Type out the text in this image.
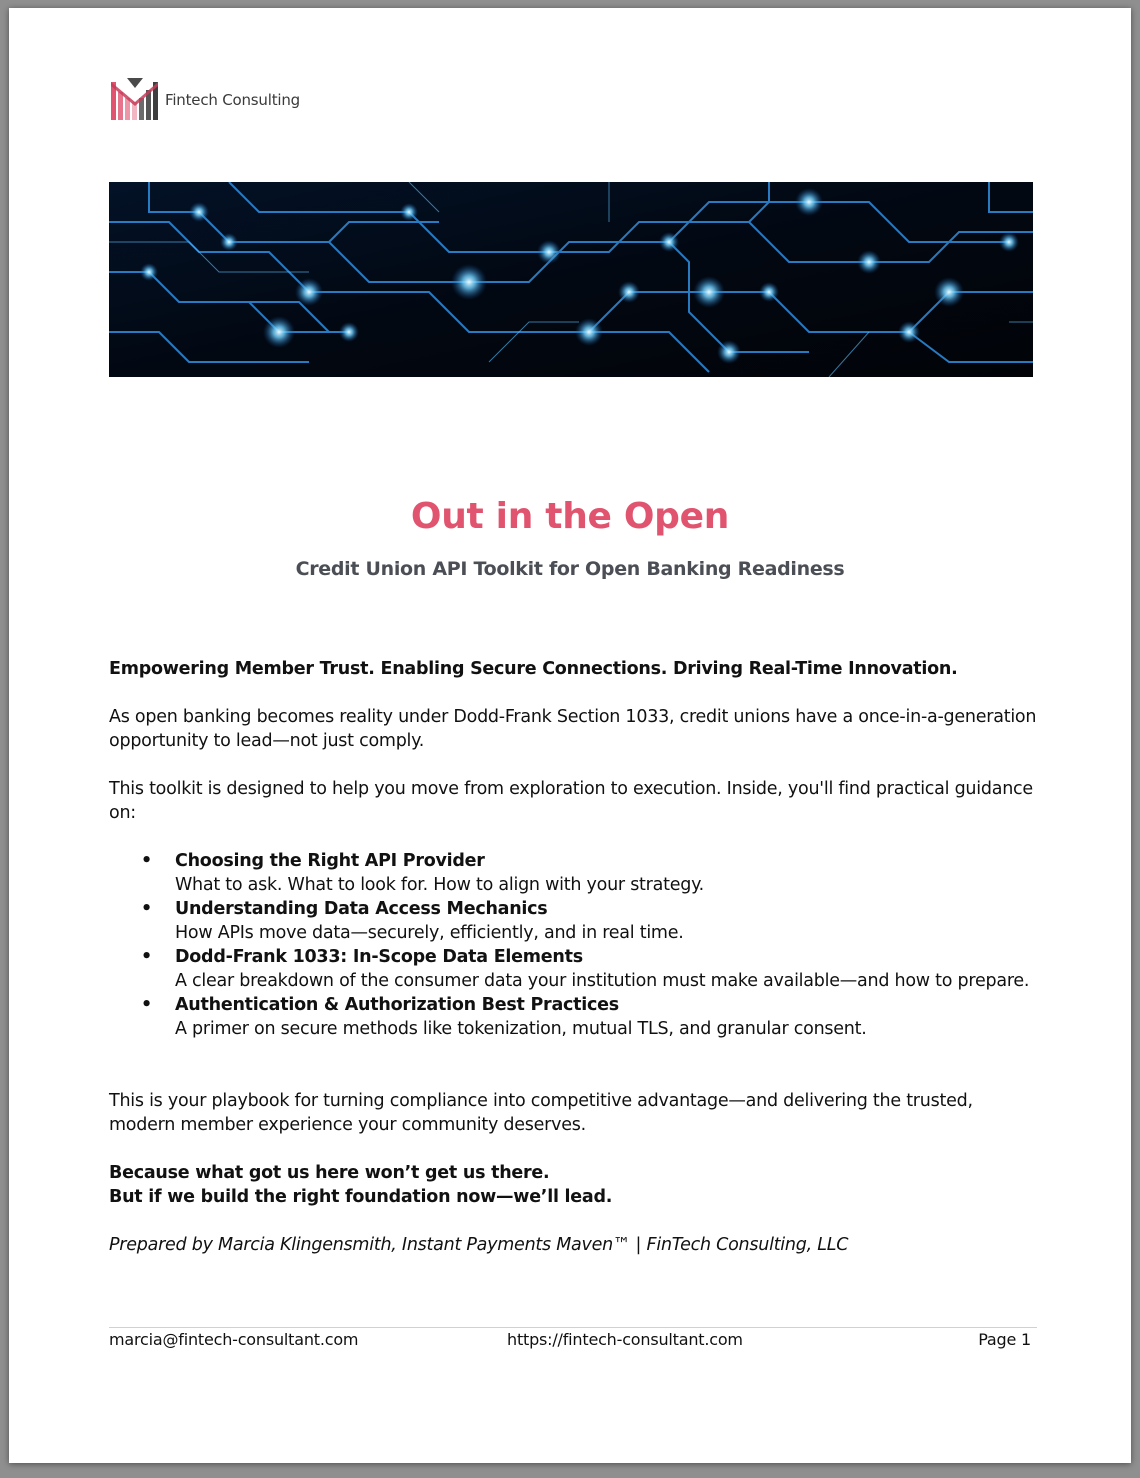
Fintech Consulting
Out in the Open
Credit Union API Toolkit for Open Banking Readiness

Empowering Member Trust. Enabling Secure Connections. Driving Real-Time Innovation.

As open banking becomes reality under Dodd-Frank Section 1033, credit unions have a once-in-a-generation opportunity to lead—not just comply.

This toolkit is designed to help you move from exploration to execution. Inside, you'll find practical guidance on:

• Choosing the Right API Provider
What to ask. What to look for. How to align with your strategy.
• Understanding Data Access Mechanics
How APIs move data—securely, efficiently, and in real time.
• Dodd-Frank 1033: In-Scope Data Elements
A clear breakdown of the consumer data your institution must make available—and how to prepare.
• Authentication & Authorization Best Practices
A primer on secure methods like tokenization, mutual TLS, and granular consent.

This is your playbook for turning compliance into competitive advantage—and delivering the trusted, modern member experience your community deserves.

Because what got us here won’t get us there.

But if we build the right foundation now—we’ll lead.

Prepared by Marcia Klingensmith, Instant Payments Maven™ | FinTech Consulting, LLC

marcia@fintech-consultant.com	https://fintech-consultant.com	Page 1
